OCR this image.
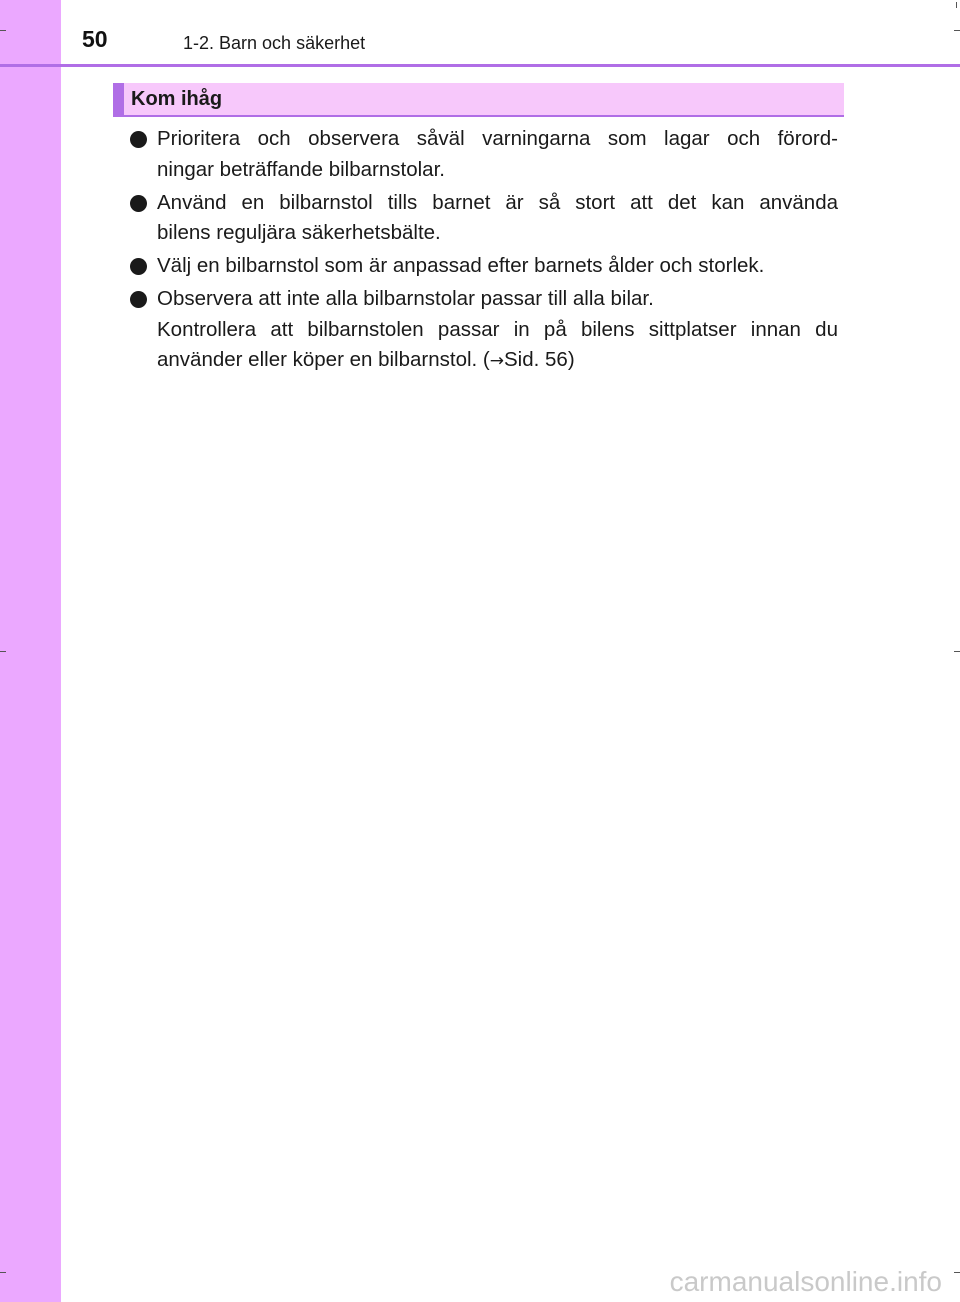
50	1-2. Barn och säkerhet
Kom ihåg
Prioritera och observera såväl varningarna som lagar och förord-
ningar beträffande bilbarnstolar.
Använd en bilbarnstol tills barnet är så stort att det kan använda
bilens reguljära säkerhetsbälte.
Välj en bilbarnstol som är anpassad efter barnets ålder och storlek.
Observera att inte alla bilbarnstolar passar till alla bilar.
Kontrollera att bilbarnstolen passar in på bilens sittplatser innan du
använder eller köper en bilbarnstol. (→Sid. 56)
carmanualsonline.info
